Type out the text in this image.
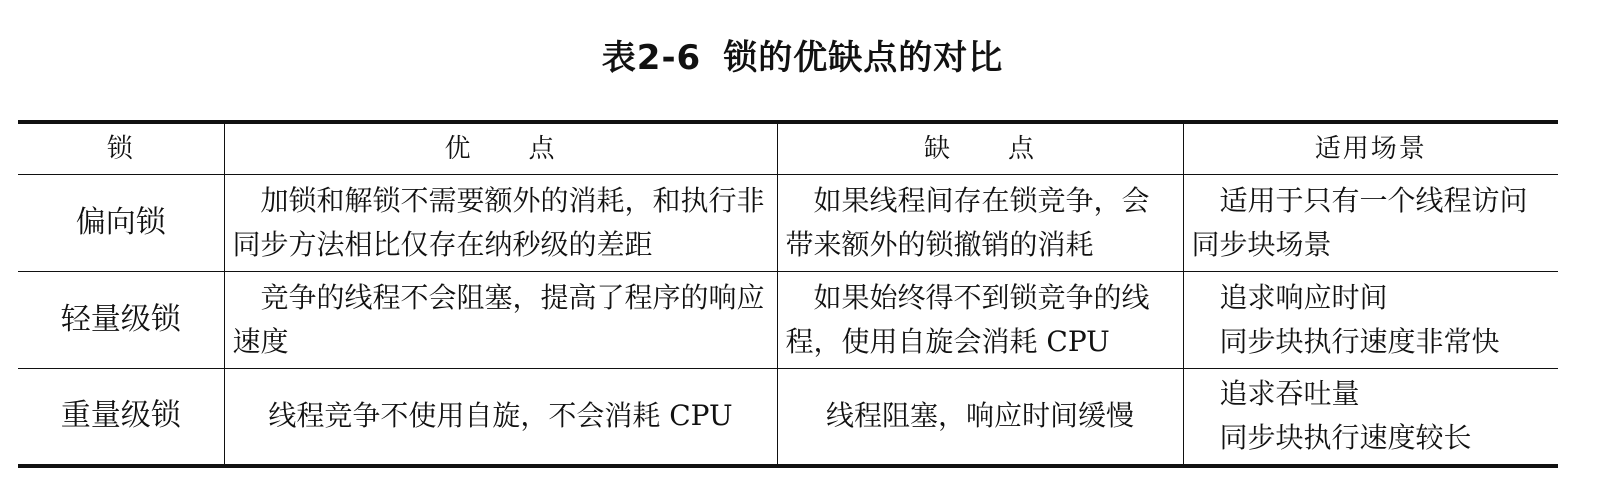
表2-6 锁的优缺点的对比
锁	优　　点	缺　　点	适用场景
偏向锁	加锁和解锁不需要额外的消耗，和执行非同步方法相比仅存在纳秒级的差距	如果线程间存在锁竞争，会带来额外的锁撤销的消耗	适用于只有一个线程访问同步块场景
轻量级锁	竞争的线程不会阻塞，提高了程序的响应速度	如果始终得不到锁竞争的线程，使用自旋会消耗 CPU	追求响应时间
同步块执行速度非常快

重量级锁	线程竞争不使用自旋，不会消耗 CPU	线程阻塞，响应时间缓慢	追求吞吐量
同步块执行速度较长
